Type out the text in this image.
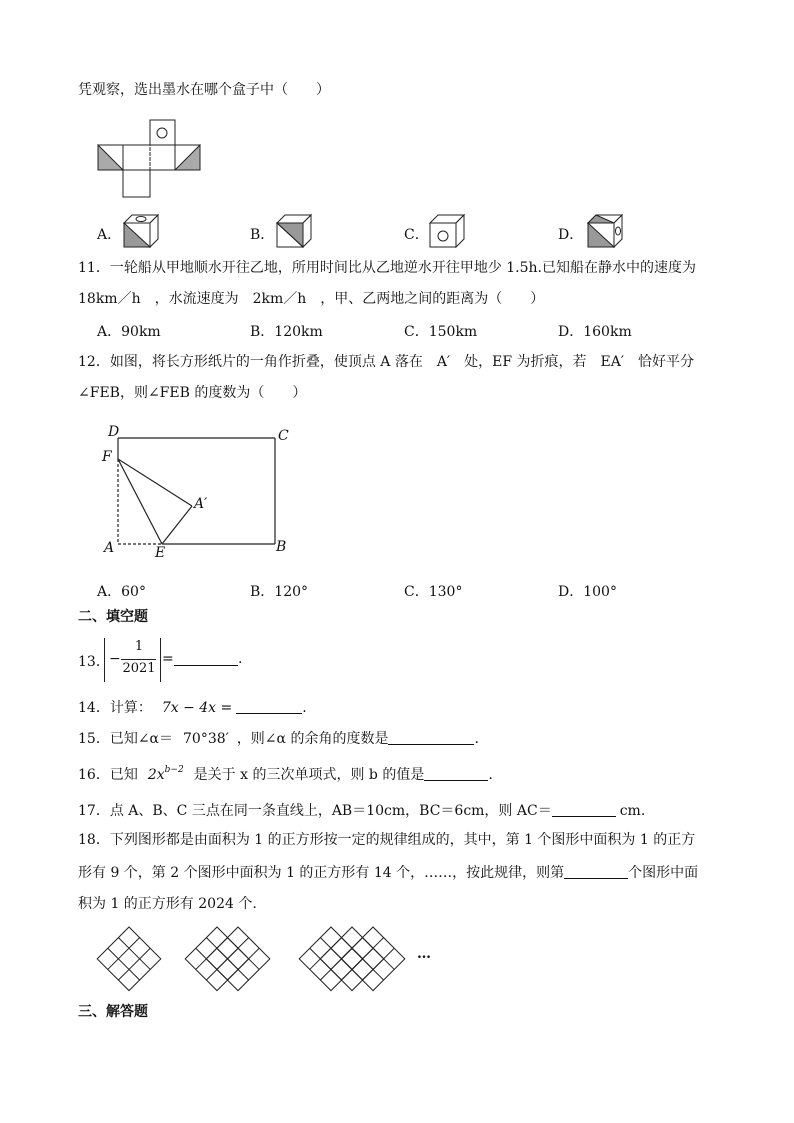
凭观察，选出墨水在哪个盒子中（　　）
A．	B．	C．	D．
11．一轮船从甲地顺水开往乙地，所用时间比从乙地逆水开往甲地少 1.5h.已知船在静水中的速度为
18km／h　，水流速度为　2km／h　，甲、乙两地之间的距离为（　　）
A．90km	B．120km	C．150km	D．160km
12．如图，将长方形纸片的一角作折叠，使顶点 A 落在　A′　处，EF 为折痕，若　EA′　恰好平分
∠FEB，则∠FEB 的度数为（　　）
D	C
F
A′
A	E	B
A．60°	B．120°	C．130°	D．100°
二、填空题
13． −
1
2021
=	.
14．计算： 7x − 4x =	.
15．已知∠α＝ 70°38′ ，则∠α 的余角的度数是	.
16．已知 $2x^{b-2}$ 是关于 x 的三次单项式，则 b 的值是	.
17．点 A、B、C 三点在同一条直线上，AB＝10cm，BC＝6cm，则 AC＝	cm.
18．下列图形都是由面积为 1 的正方形按一定的规律组成的，其中，第 1 个图形中面积为 1 的正方
形有 9 个，第 2 个图形中面积为 1 的正方形有 14 个，……，按此规律，则第	个图形中面
积为 1 的正方形有 2024 个.
…
三、解答题
